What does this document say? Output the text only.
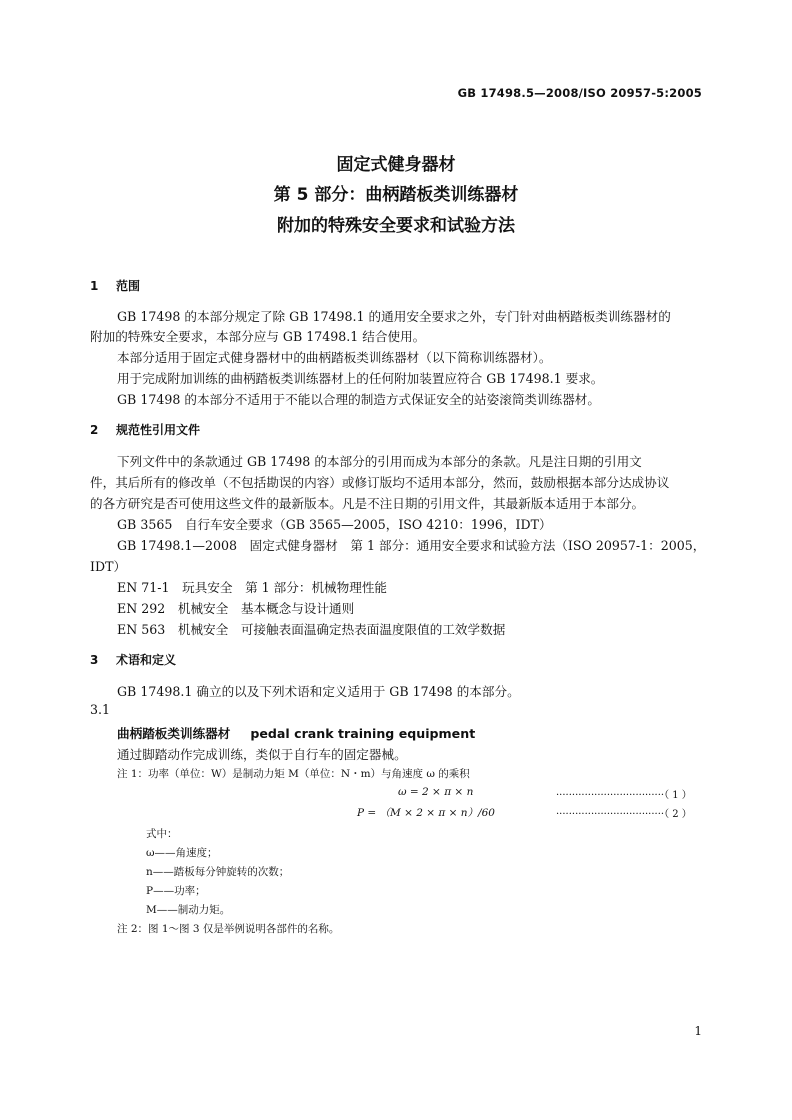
GB 17498.5—2008/ISO 20957-5:2005
固定式健身器材
第 5 部分：曲柄踏板类训练器材
附加的特殊安全要求和试验方法
1 范围
GB 17498 的本部分规定了除 GB 17498.1 的通用安全要求之外，专门针对曲柄踏板类训练器材的
附加的特殊安全要求，本部分应与 GB 17498.1 结合使用。
本部分适用于固定式健身器材中的曲柄踏板类训练器材（以下简称训练器材）。
用于完成附加训练的曲柄踏板类训练器材上的任何附加装置应符合 GB 17498.1 要求。
GB 17498 的本部分不适用于不能以合理的制造方式保证安全的站姿滚筒类训练器材。
2 规范性引用文件
下列文件中的条款通过 GB 17498 的本部分的引用而成为本部分的条款。凡是注日期的引用文
件，其后所有的修改单（不包括勘误的内容）或修订版均不适用本部分，然而，鼓励根据本部分达成协议
的各方研究是否可使用这些文件的最新版本。凡是不注日期的引用文件，其最新版本适用于本部分。
GB 3565　自行车安全要求（GB 3565—2005，ISO 4210：1996，IDT）
GB 17498.1—2008　固定式健身器材　第 1 部分：通用安全要求和试验方法（ISO 20957-1：2005，
IDT）
EN 71-1　玩具安全　第 1 部分：机械物理性能
EN 292　机械安全　基本概念与设计通则
EN 563　机械安全　可接触表面温确定热表面温度限值的工效学数据
3 术语和定义
GB 17498.1 确立的以及下列术语和定义适用于 GB 17498 的本部分。
3.1
曲柄踏板类训练器材 pedal crank training equipment
通过脚踏动作完成训练，类似于自行车的固定器械。
注 1：功率（单位：W）是制动力矩 M（单位：N・m）与角速度 ω 的乘积
ω = 2 × π × n	··································（ 1 ）
P = （M × 2 × π × n）/60	··································（ 2 ）
式中：
ω——角速度；
n——踏板每分钟旋转的次数；
P——功率；
M——制动力矩。
注 2：图 1～图 3 仅是举例说明各部件的名称。
1
